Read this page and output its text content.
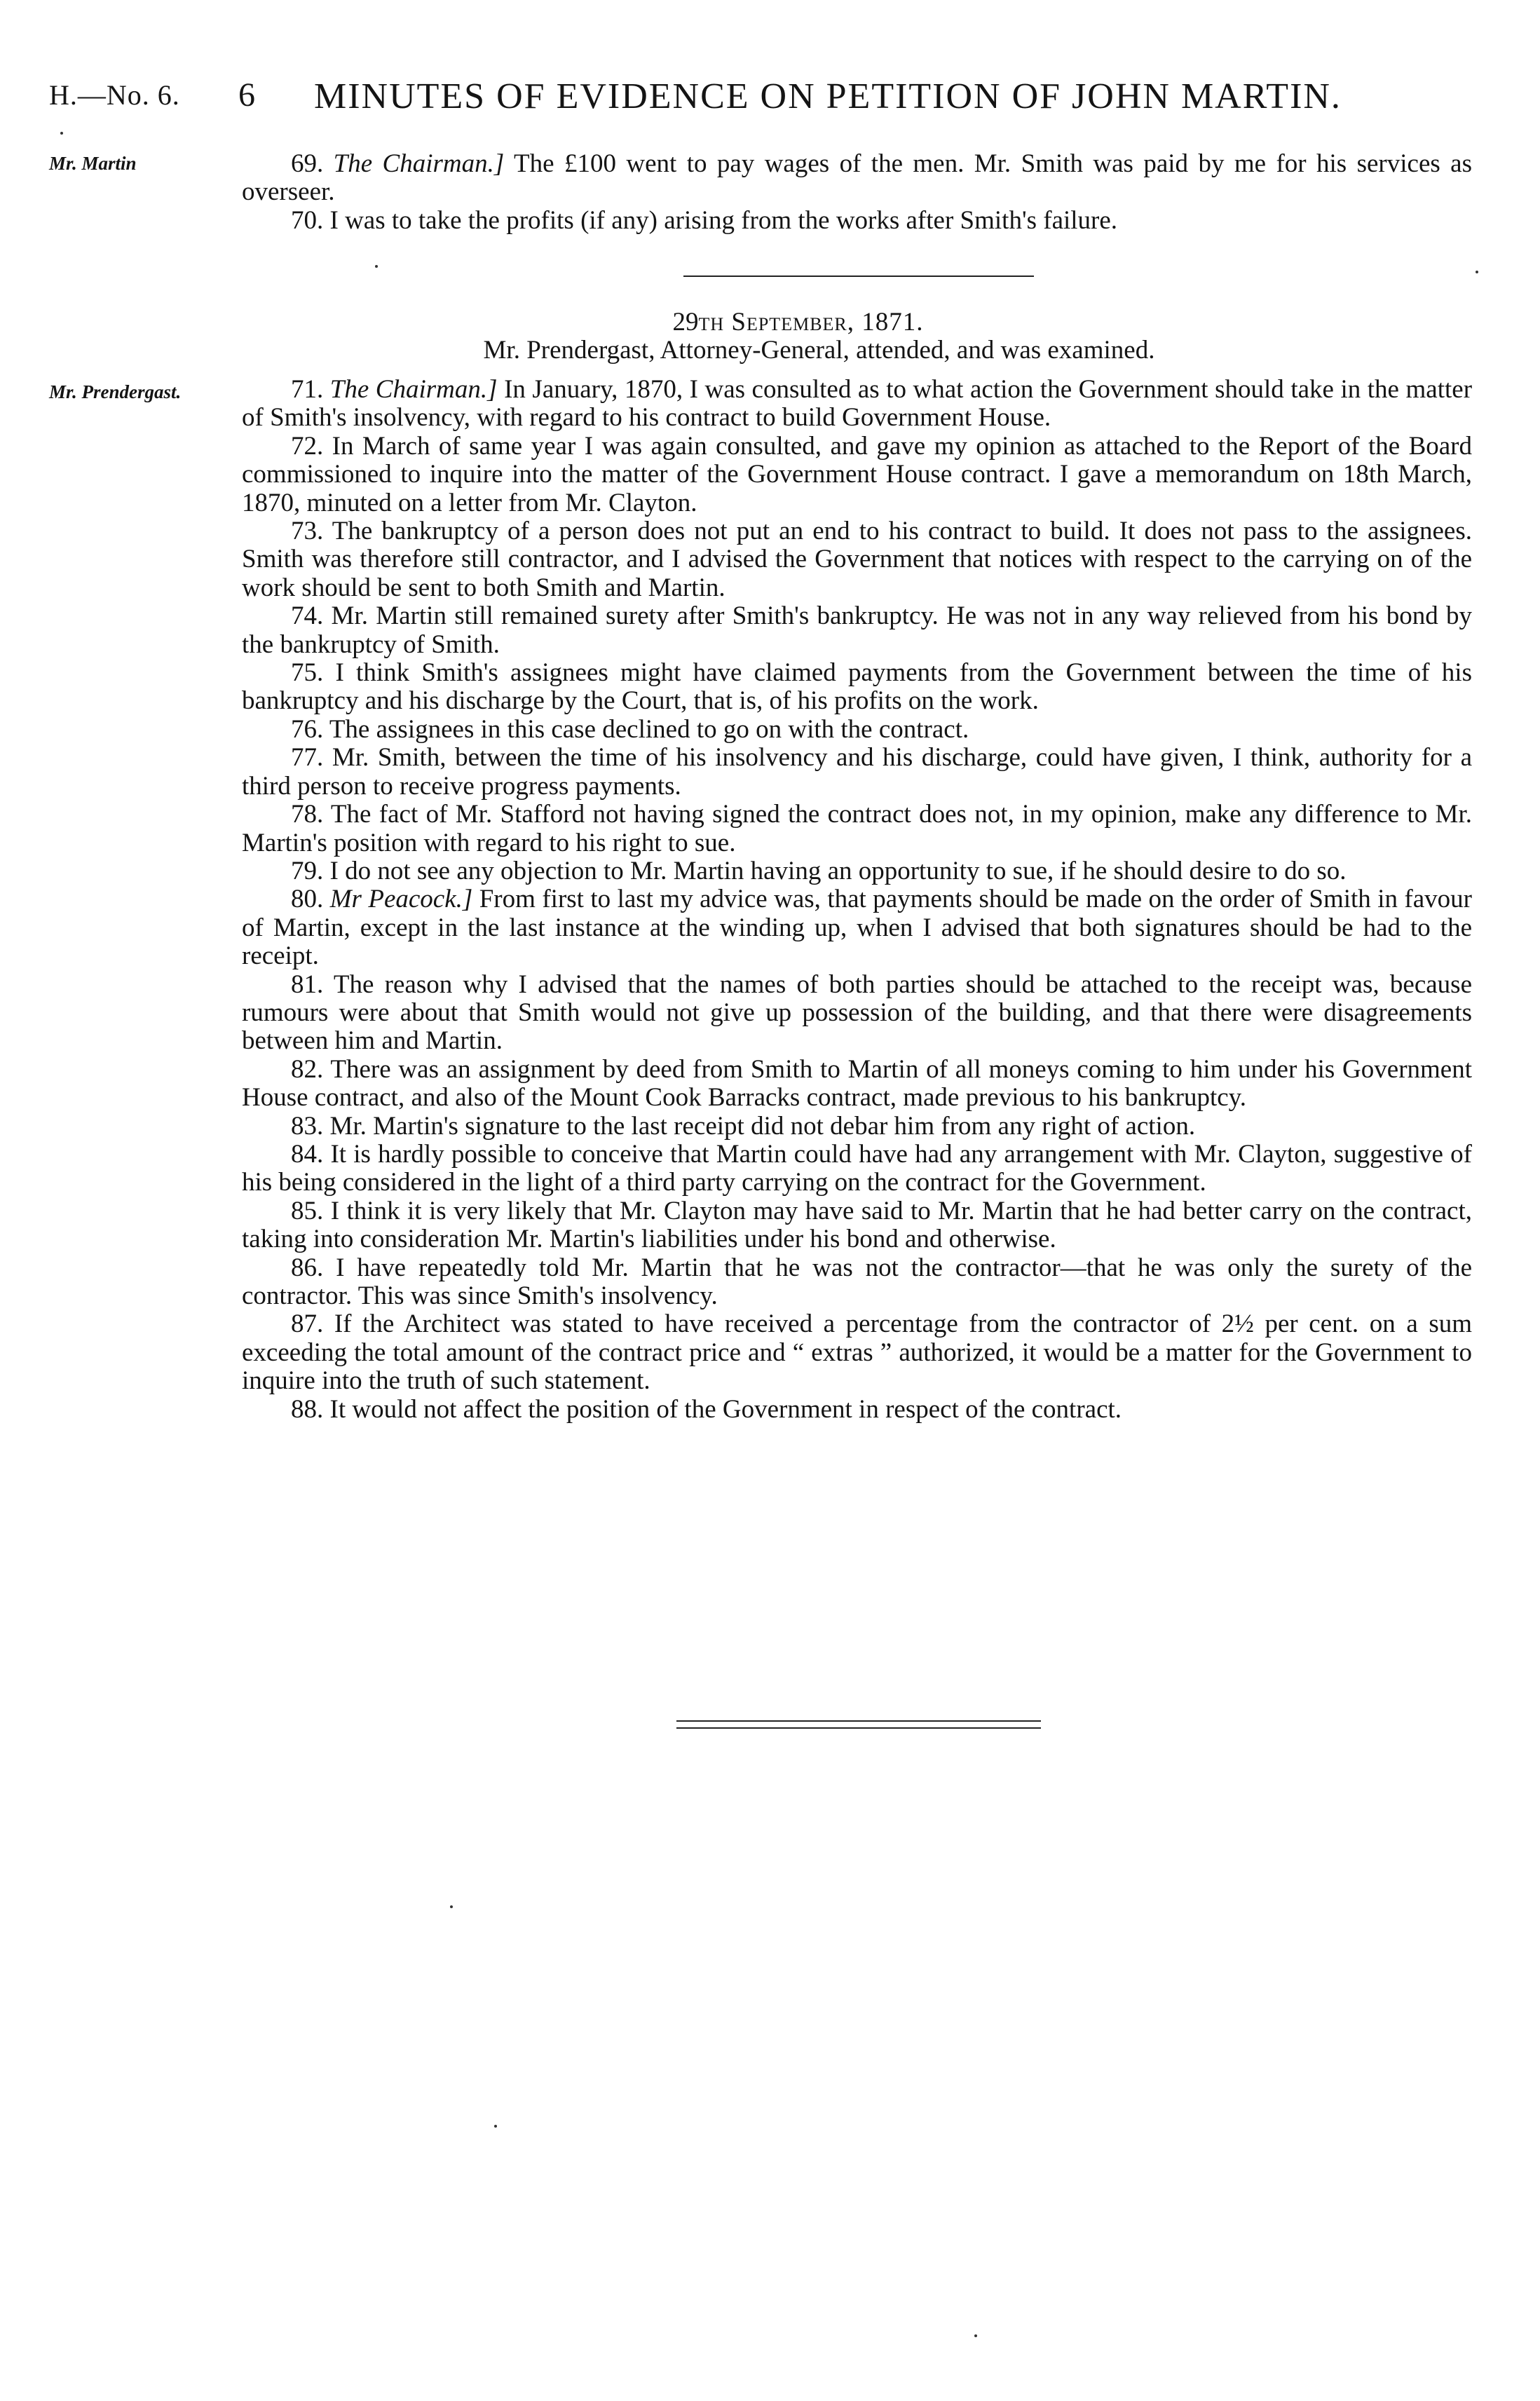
H.—No. 6. 6 MINUTES OF EVIDENCE ON PETITION OF JOHN MARTIN.
Mr. Martin	69. The Chairman.] The £100 went to pay wages of the men. Mr. Smith was paid by me for his services as overseer.

70. I was to take the profits (if any) arising from the works after Smith's failure.

29th September, 1871.
Mr. Prendergast, Attorney-General, attended, and was examined.
Mr. Prendergast.	71. The Chairman.] In January, 1870, I was consulted as to what action the Government should take in the matter of Smith's insolvency, with regard to his contract to build Government House.

72. In March of same year I was again consulted, and gave my opinion as attached to the Report of the Board commissioned to inquire into the matter of the Government House contract. I gave a memorandum on 18th March, 1870, minuted on a letter from Mr. Clayton.

73. The bankruptcy of a person does not put an end to his contract to build. It does not pass to the assignees. Smith was therefore still contractor, and I advised the Government that notices with respect to the carrying on of the work should be sent to both Smith and Martin.

74. Mr. Martin still remained surety after Smith's bankruptcy. He was not in any way relieved from his bond by the bankruptcy of Smith.

75. I think Smith's assignees might have claimed payments from the Government between the time of his bankruptcy and his discharge by the Court, that is, of his profits on the work.

76. The assignees in this case declined to go on with the contract.

77. Mr. Smith, between the time of his insolvency and his discharge, could have given, I think, authority for a third person to receive progress payments.

78. The fact of Mr. Stafford not having signed the contract does not, in my opinion, make any difference to Mr. Martin's position with regard to his right to sue.

79. I do not see any objection to Mr. Martin having an opportunity to sue, if he should desire to do so.

80. Mr Peacock.] From first to last my advice was, that payments should be made on the order of Smith in favour of Martin, except in the last instance at the winding up, when I advised that both signatures should be had to the receipt.

81. The reason why I advised that the names of both parties should be attached to the receipt was, because rumours were about that Smith would not give up possession of the building, and that there were disagreements between him and Martin.

82. There was an assignment by deed from Smith to Martin of all moneys coming to him under his Government House contract, and also of the Mount Cook Barracks contract, made previous to his bankruptcy.

83. Mr. Martin's signature to the last receipt did not debar him from any right of action.

84. It is hardly possible to conceive that Martin could have had any arrangement with Mr. Clayton, suggestive of his being considered in the light of a third party carrying on the contract for the Government.

85. I think it is very likely that Mr. Clayton may have said to Mr. Martin that he had better carry on the contract, taking into consideration Mr. Martin's liabilities under his bond and otherwise.

86. I have repeatedly told Mr. Martin that he was not the contractor—that he was only the surety of the contractor. This was since Smith's insolvency.

87. If the Architect was stated to have received a percentage from the contractor of 2½ per cent. on a sum exceeding the total amount of the contract price and “ extras ” authorized, it would be a matter for the Government to inquire into the truth of such statement.

88. It would not affect the position of the Government in respect of the contract.
